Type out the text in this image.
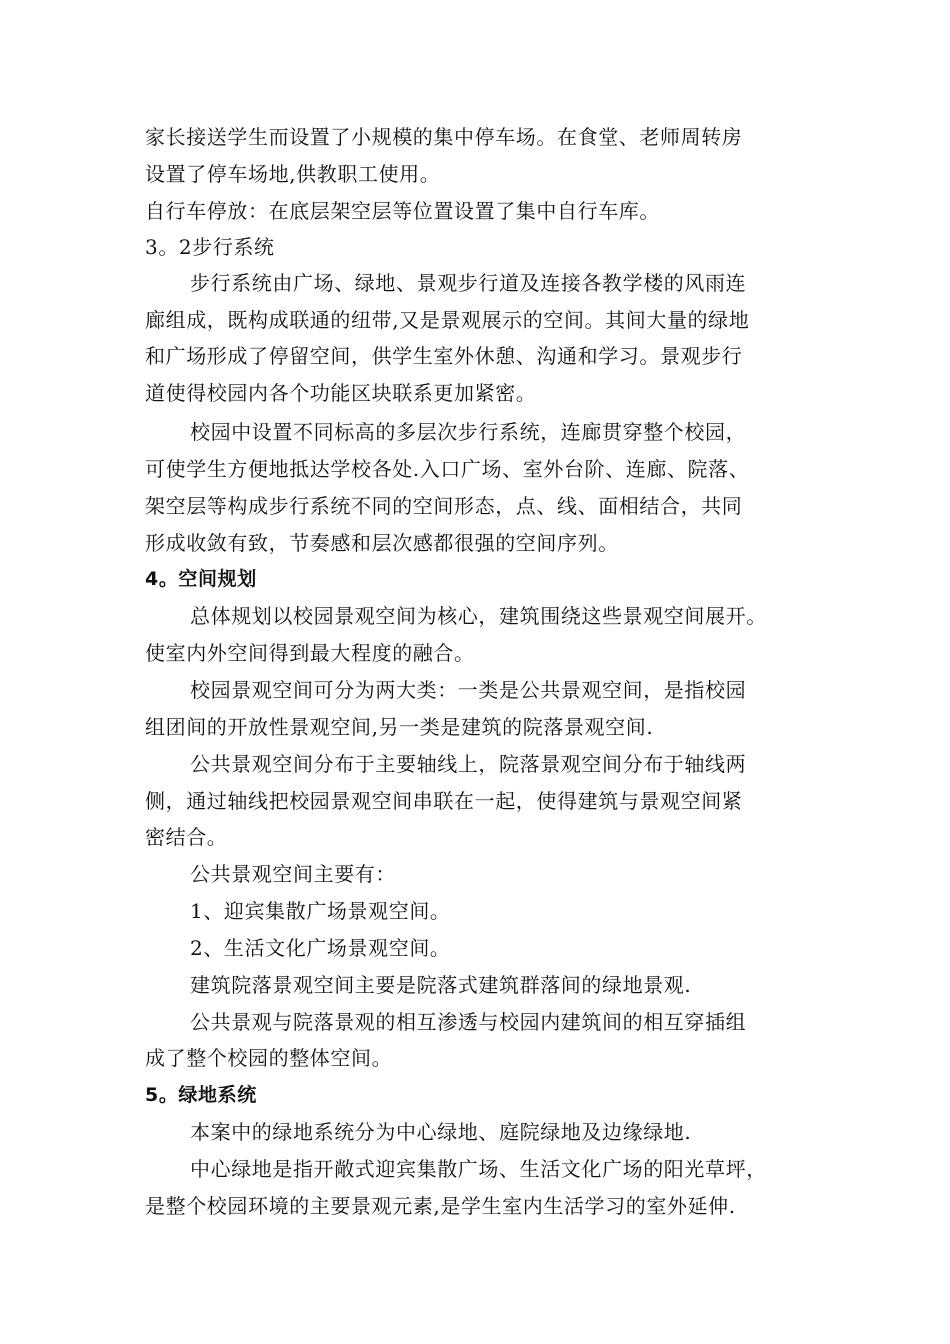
家长接送学生而设置了小规模的集中停车场。在食堂、老师周转房
设置了停车场地,供教职工使用。
自行车停放：在底层架空层等位置设置了集中自行车库。
3。2步行系统
步行系统由广场、绿地、景观步行道及连接各教学楼的风雨连
廊组成，既构成联通的纽带,又是景观展示的空间。其间大量的绿地
和广场形成了停留空间，供学生室外休憩、沟通和学习。景观步行
道使得校园内各个功能区块联系更加紧密。
校园中设置不同标高的多层次步行系统，连廊贯穿整个校园，
可使学生方便地抵达学校各处.入口广场、室外台阶、连廊、院落、
架空层等构成步行系统不同的空间形态，点、线、面相结合，共同
形成收敛有致，节奏感和层次感都很强的空间序列。
4。空间规划
总体规划以校园景观空间为核心，建筑围绕这些景观空间展开。
使室内外空间得到最大程度的融合。
校园景观空间可分为两大类：一类是公共景观空间，是指校园
组团间的开放性景观空间,另一类是建筑的院落景观空间.
公共景观空间分布于主要轴线上，院落景观空间分布于轴线两
侧，通过轴线把校园景观空间串联在一起，使得建筑与景观空间紧
密结合。
公共景观空间主要有：
1、迎宾集散广场景观空间。
2、生活文化广场景观空间。
建筑院落景观空间主要是院落式建筑群落间的绿地景观.
公共景观与院落景观的相互渗透与校园内建筑间的相互穿插组
成了整个校园的整体空间。
5。绿地系统
本案中的绿地系统分为中心绿地、庭院绿地及边缘绿地.
中心绿地是指开敞式迎宾集散广场、生活文化广场的阳光草坪，
是整个校园环境的主要景观元素,是学生室内生活学习的室外延伸.
